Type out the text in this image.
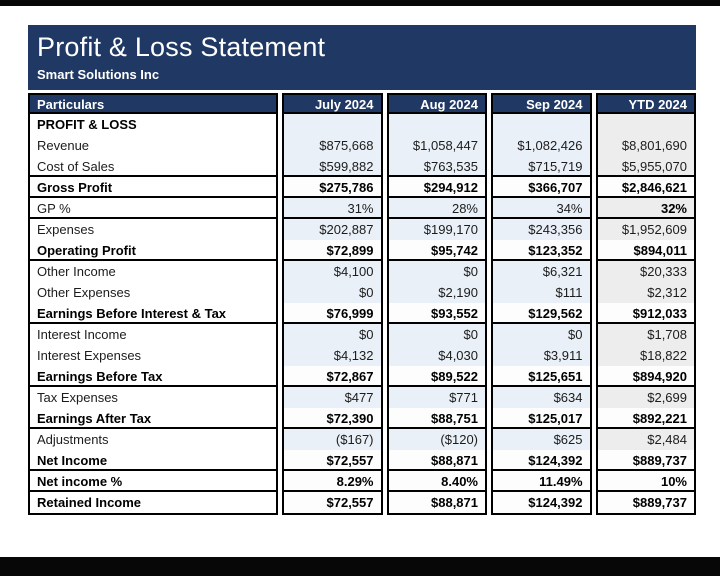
Profit & Loss Statement
Smart Solutions Inc
Particulars
PROFIT & LOSS
Revenue
Cost of Sales
Gross Profit
GP %
Expenses
Operating Profit
Other Income
Other Expenses
Earnings Before Interest & Tax
Interest Income
Interest Expenses
Earnings Before Tax
Tax Expenses
Earnings After Tax
Adjustments
Net Income
Net income %
Retained Income
July 2024
$875,668
$599,882
$275,786
31%
$202,887
$72,899
$4,100
$0
$76,999
$0
$4,132
$72,867
$477
$72,390
($167)
$72,557
8.29%
$72,557
Aug 2024
$1,058,447
$763,535
$294,912
28%
$199,170
$95,742
$0
$2,190
$93,552
$0
$4,030
$89,522
$771
$88,751
($120)
$88,871
8.40%
$88,871
Sep 2024
$1,082,426
$715,719
$366,707
34%
$243,356
$123,352
$6,321
$111
$129,562
$0
$3,911
$125,651
$634
$125,017
$625
$124,392
11.49%
$124,392
YTD 2024
$8,801,690
$5,955,070
$2,846,621
32%
$1,952,609
$894,011
$20,333
$2,312
$912,033
$1,708
$18,822
$894,920
$2,699
$892,221
$2,484
$889,737
10%
$889,737
